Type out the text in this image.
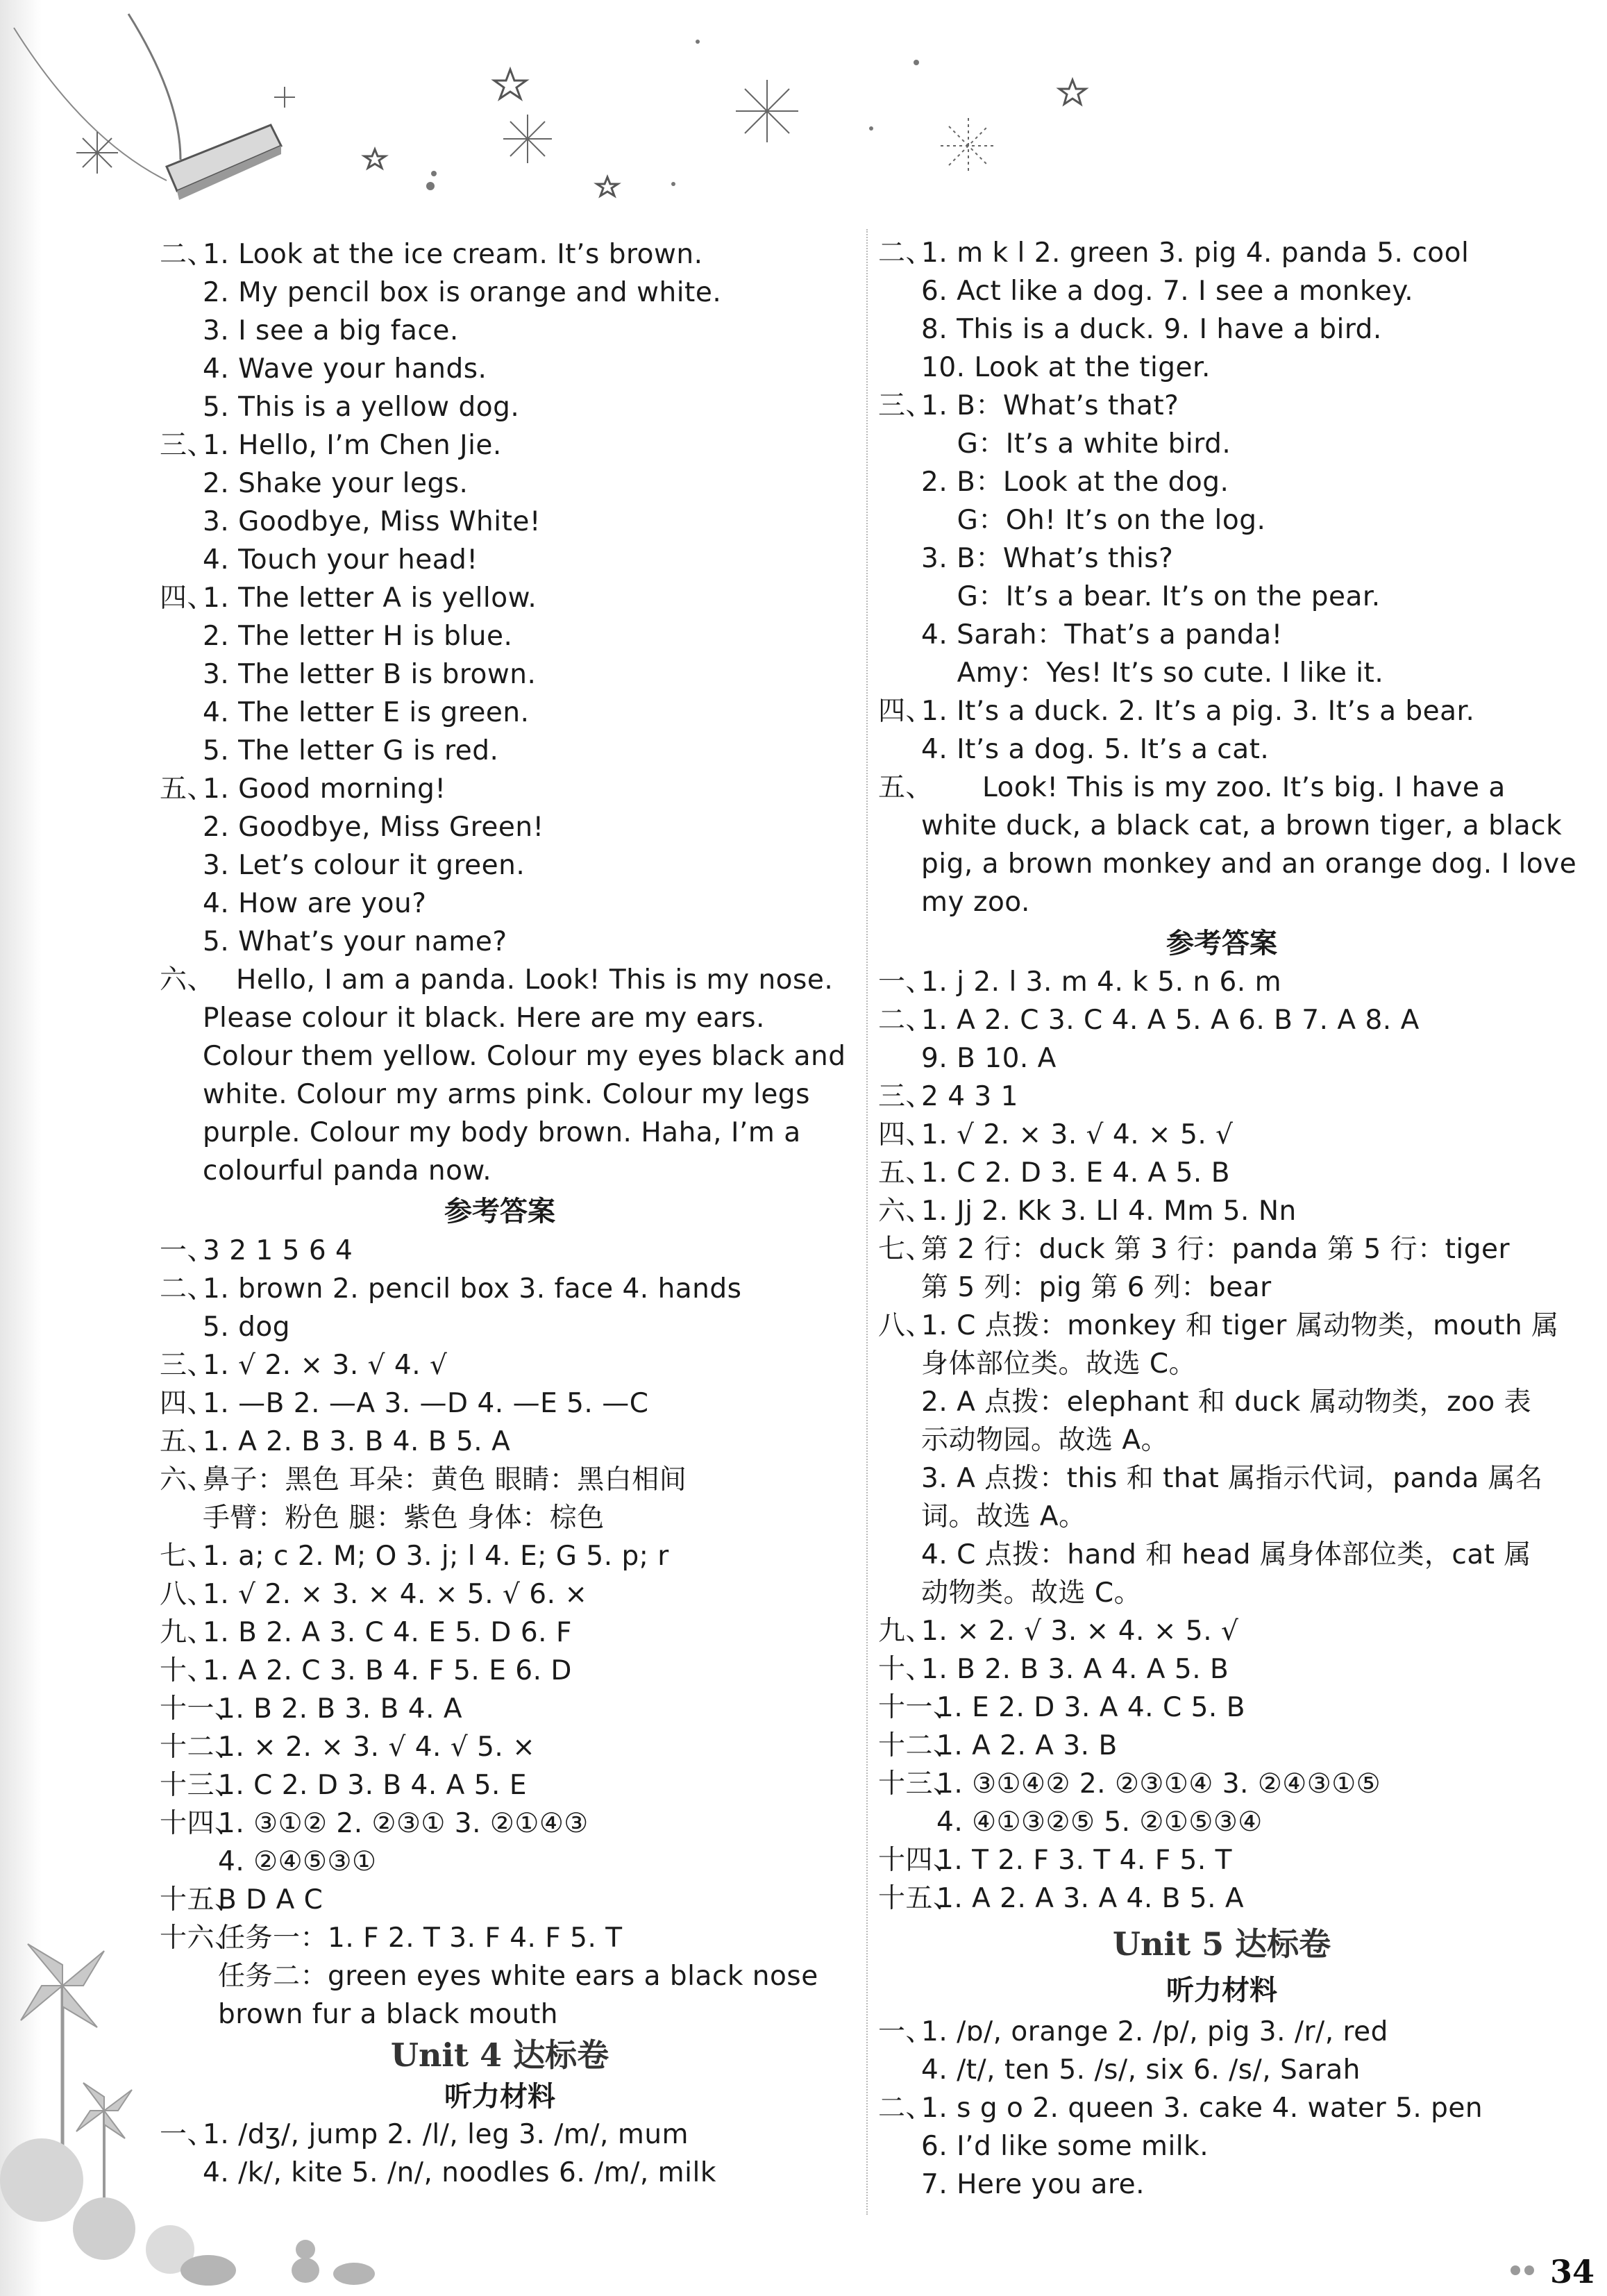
二、1. Look at the ice cream. It’s brown.
2. My pencil box is orange and white.
3. I see a big face.
4. Wave your hands.
5. This is a yellow dog.
三、1. Hello, I’m Chen Jie.
2. Shake your legs.
3. Goodbye, Miss White!
4. Touch your head!
四、1. The letter A is yellow.
2. The letter H is blue.
3. The letter B is brown.
4. The letter E is green.
5. The letter G is red.
五、1. Good morning!
2. Goodbye, Miss Green!
3. Let’s colour it green.
4. How are you?
5. What’s your name?
六、 Hello, I am a panda. Look! This is my nose.
Please colour it black. Here are my ears.
Colour them yellow. Colour my eyes black and
white. Colour my arms pink. Colour my legs
purple. Colour my body brown. Haha, I’m a
colourful panda now.
参考答案
一、3 2 1 5 6 4
二、1. brown 2. pencil box 3. face 4. hands
5. dog
三、1. √ 2. × 3. √ 4. √
四、1. —B 2. —A 3. —D 4. —E 5. —C
五、1. A 2. B 3. B 4. B 5. A
六、鼻子：黑色 耳朵：黄色 眼睛：黑白相间
手臂：粉色 腿：紫色 身体：棕色
七、1. a; c 2. M; O 3. j; l 4. E; G 5. p; r
八、1. √ 2. × 3. × 4. × 5. √ 6. ×
九、1. B 2. A 3. C 4. E 5. D 6. F
十、1. A 2. C 3. B 4. F 5. E 6. D
十一、1. B 2. B 3. B 4. A
十二、1. × 2. × 3. √ 4. √ 5. ×
十三、1. C 2. D 3. B 4. A 5. E
十四、1. ③①② 2. ②③① 3. ②①④③
4. ②④⑤③①
十五、B D A C
十六、任务一：1. F 2. T 3. F 4. F 5. T
任务二：green eyes white ears a black nose
brown fur a black mouth
Unit 4 达标卷
听力材料
一、1. /dʒ/, jump 2. /l/, leg 3. /m/, mum
4. /k/, kite 5. /n/, noodles 6. /m/, milk
二、1. m k l 2. green 3. pig 4. panda 5. cool
6. Act like a dog. 7. I see a monkey.
8. This is a duck. 9. I have a bird.
10. Look at the tiger.
三、1. B：What’s that?
G：It’s a white bird.
2. B：Look at the dog.
G：Oh! It’s on the log.
3. B：What’s this?
G：It’s a bear. It’s on the pear.
4. Sarah：That’s a panda!
Amy：Yes! It’s so cute. I like it.
四、1. It’s a duck. 2. It’s a pig. 3. It’s a bear.
4. It’s a dog. 5. It’s a cat.
五、 Look! This is my zoo. It’s big. I have a
white duck, a black cat, a brown tiger, a black
pig, a brown monkey and an orange dog. I love
my zoo.
参考答案
一、1. j 2. l 3. m 4. k 5. n 6. m
二、1. A 2. C 3. C 4. A 5. A 6. B 7. A 8. A
9. B 10. A
三、2 4 3 1
四、1. √ 2. × 3. √ 4. × 5. √
五、1. C 2. D 3. E 4. A 5. B
六、1. Jj 2. Kk 3. Ll 4. Mm 5. Nn
七、第 2 行：duck 第 3 行：panda 第 5 行：tiger
第 5 列：pig 第 6 列：bear
八、1. C 点拨：monkey 和 tiger 属动物类，mouth 属
身体部位类。故选 C。
2. A 点拨：elephant 和 duck 属动物类，zoo 表
示动物园。故选 A。
3. A 点拨：this 和 that 属指示代词，panda 属名
词。故选 A。
4. C 点拨：hand 和 head 属身体部位类，cat 属
动物类。故选 C。
九、1. × 2. √ 3. × 4. × 5. √
十、1. B 2. B 3. A 4. A 5. B
十一、1. E 2. D 3. A 4. C 5. B
十二、1. A 2. A 3. B
十三、1. ③①④② 2. ②③①④ 3. ②④③①⑤
4. ④①③②⑤ 5. ②①⑤③④
十四、1. T 2. F 3. T 4. F 5. T
十五、1. A 2. A 3. A 4. B 5. A
Unit 5 达标卷
听力材料
一、1. /ɒ/, orange 2. /p/, pig 3. /r/, red
4. /t/, ten 5. /s/, six 6. /s/, Sarah
二、1. s g o 2. queen 3. cake 4. water 5. pen
6. I’d like some milk.
7. Here you are.
34
